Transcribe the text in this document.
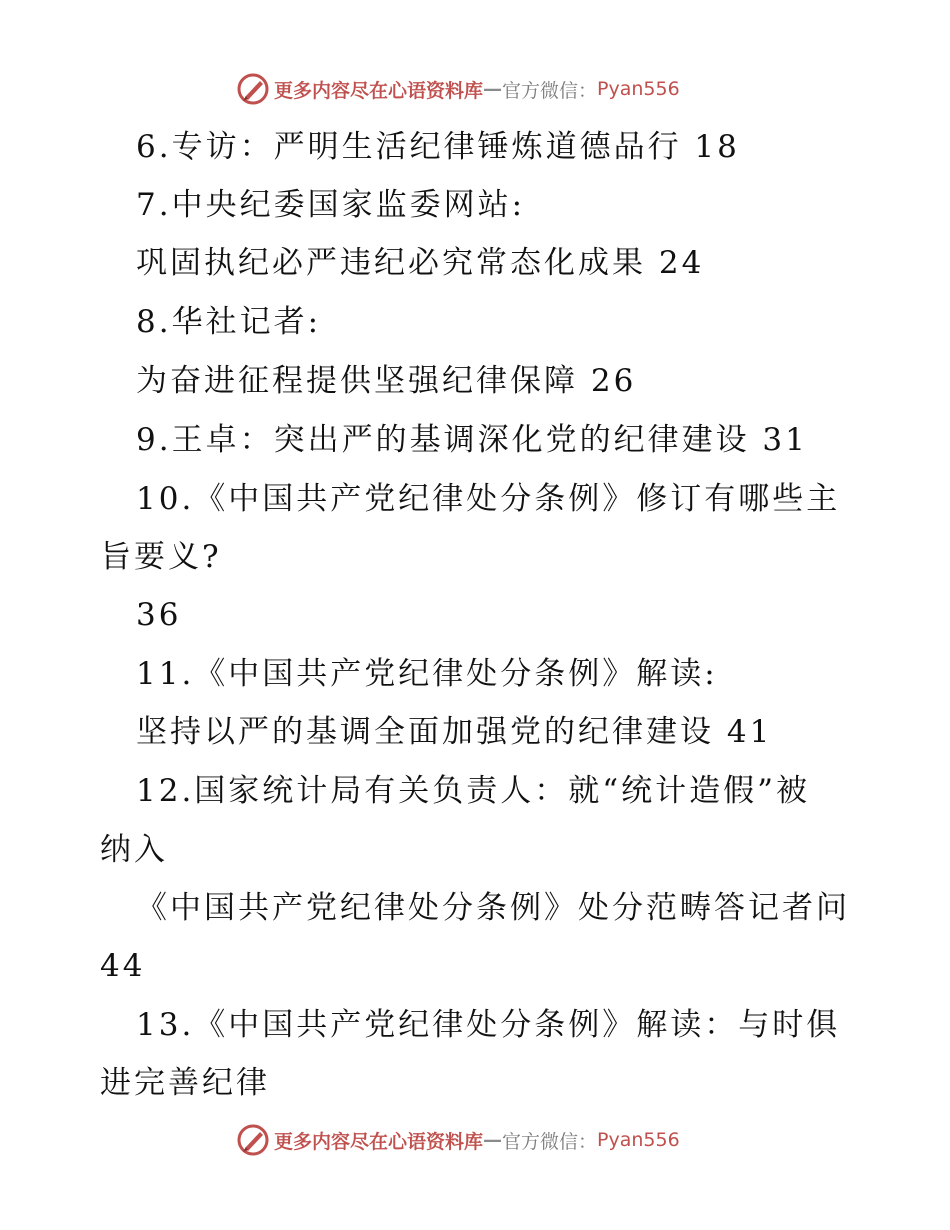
更多内容尽在心语资料库 — 官方微信： Pyan556
6.专访：严明生活纪律锤炼道德品行 18
7.中央纪委国家监委网站:
巩固执纪必严违纪必究常态化成果 24
8.华社记者:
为奋进征程提供坚强纪律保障 26
9.王卓：突出严的基调深化党的纪律建设 31
10.《中国共产党纪律处分条例》修订有哪些主
旨要义?
36
11.《中国共产党纪律处分条例》解读:
坚持以严的基调全面加强党的纪律建设 41
12.国家统计局有关负责人：就“统计造假”被
纳入
《中国共产党纪律处分条例》处分范畴答记者问
44
13.《中国共产党纪律处分条例》解读：与时俱
进完善纪律
更多内容尽在心语资料库 — 官方微信： Pyan556
